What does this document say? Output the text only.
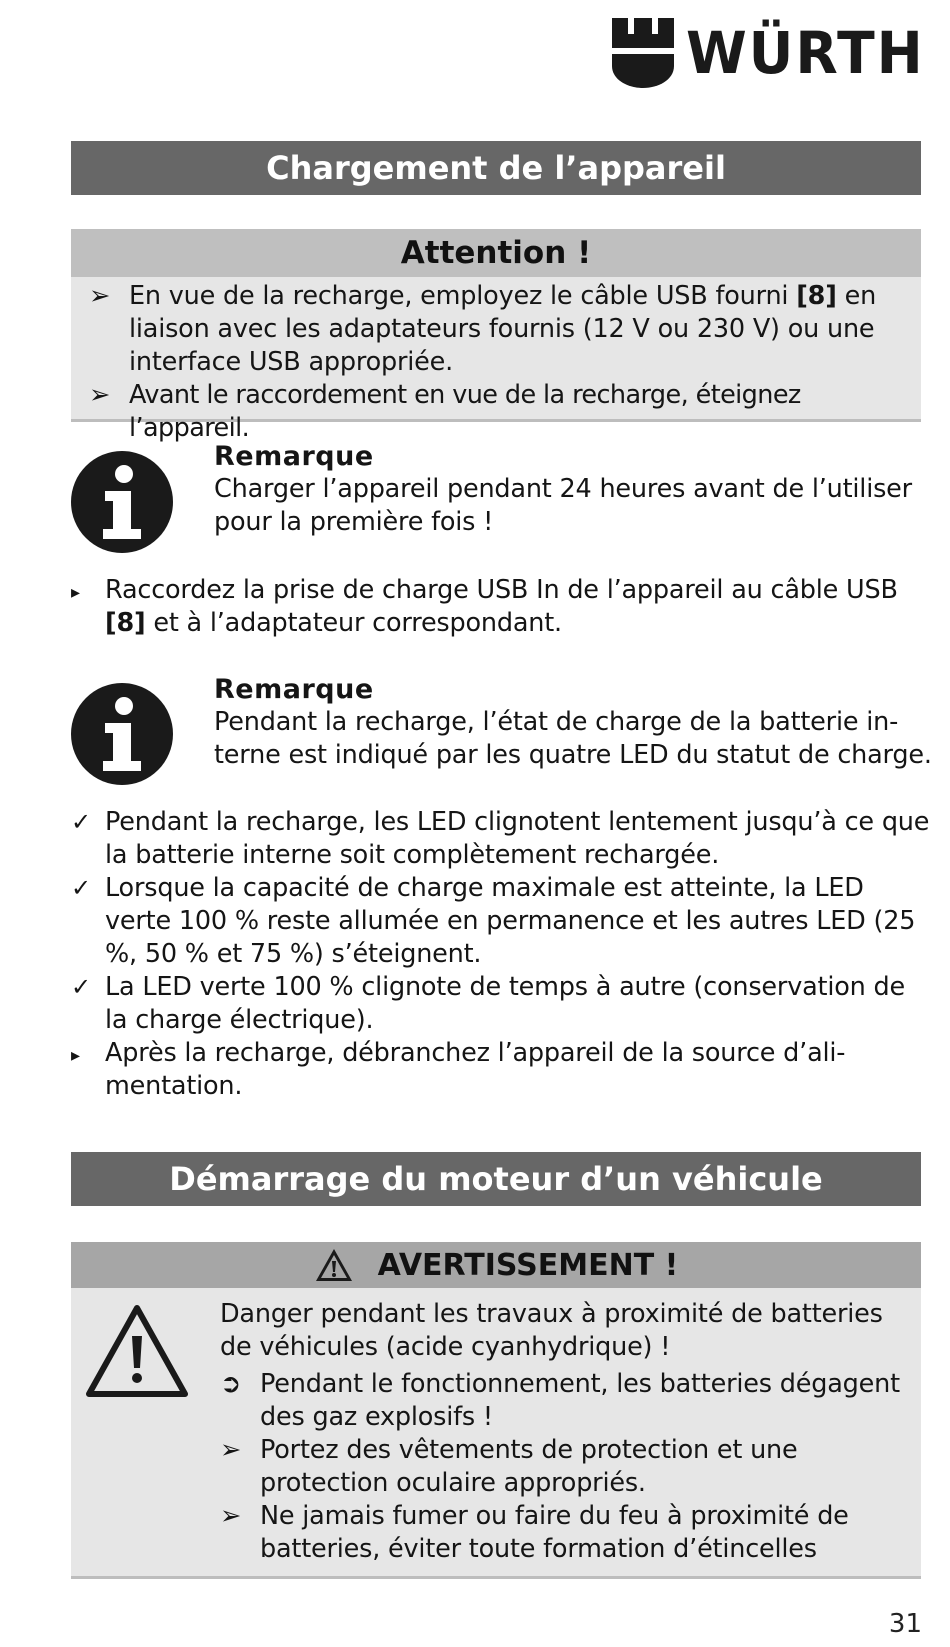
WÜRTH
Chargement de l’appareil
Attention !
➢ En vue de la recharge, employez le câble USB fourni [8] en liaison avec les adaptateurs fournis (12 V ou 230 V) ou une interface USB appropriée.
➢ Avant le raccordement en vue de la recharge, éteignez l’appareil.
Remarque
Charger l’appareil pendant 24 heures avant de l’utiliser pour la première fois !
▸ Raccordez la prise de charge USB In de l’appareil au câble USB [8] et à l’adaptateur correspondant.
Remarque
Pendant la recharge, l’état de charge de la batterie in-terne est indiqué par les quatre LED du statut de charge.
✓ Pendant la recharge, les LED clignotent lentement jusqu’à ce que la batterie interne soit complètement rechargée.
✓ Lorsque la capacité de charge maximale est atteinte, la LED verte 100 % reste allumée en permanence et les autres LED (25 %, 50 % et 75 %) s’éteignent.
✓ La LED verte 100 % clignote de temps à autre (conservation de la charge électrique).
▸ Après la recharge, débranchez l’appareil de la source d’ali-mentation.
Démarrage du moteur d’un véhicule
AVERTISSEMENT !
Danger pendant les travaux à proximité de batteries de véhicules (acide cyanhydrique) !
➲ Pendant le fonctionnement, les batteries dégagent des gaz explosifs !
➢ Portez des vêtements de protection et une protection oculaire appropriés.
➢ Ne jamais fumer ou faire du feu à proximité de batteries, éviter toute formation d’étincelles
31
